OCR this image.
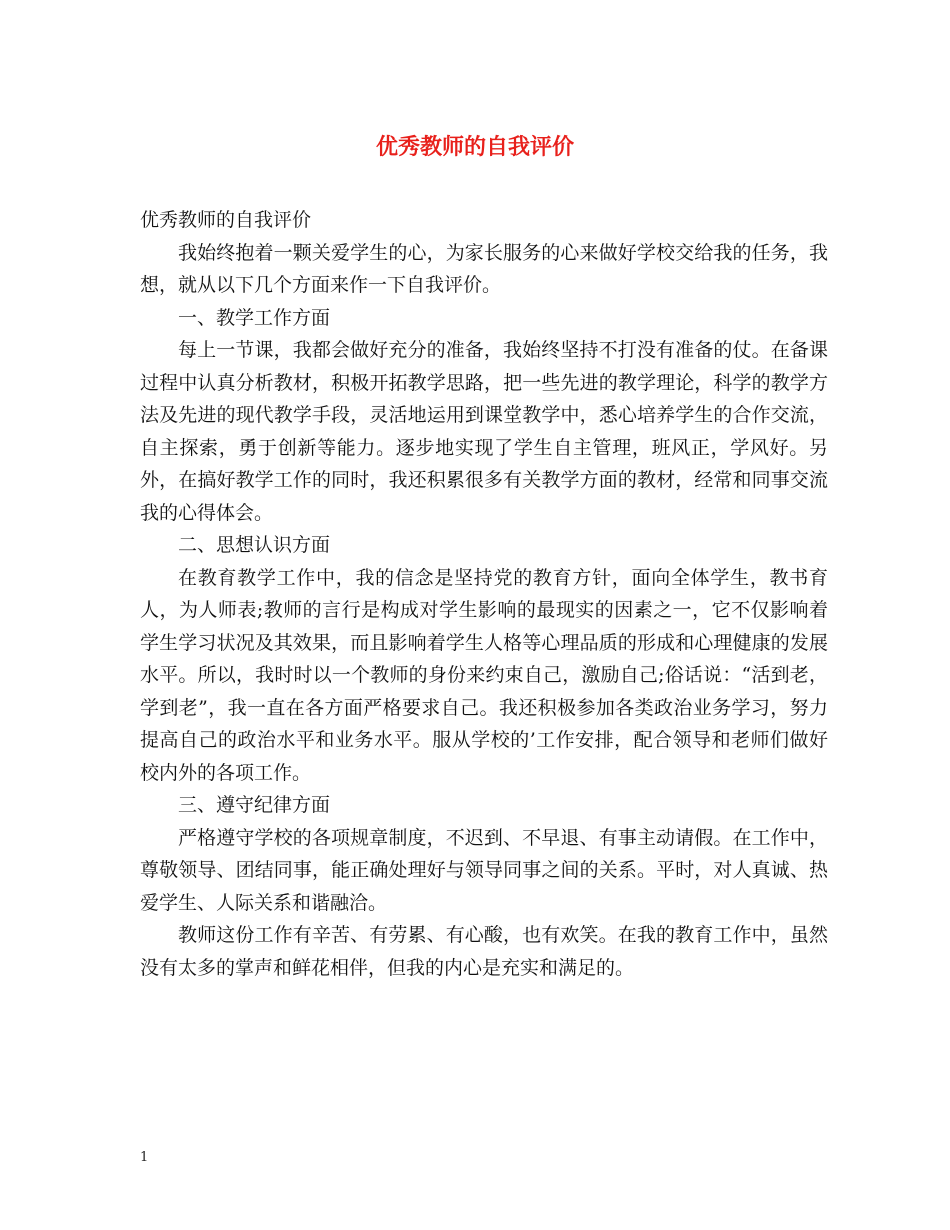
优秀教师的自我评价

优秀教师的自我评价

我始终抱着一颗关爱学生的心，为家长服务的心来做好学校交给我的任务，我想，就从以下几个方面来作一下自我评价。

一、教学工作方面

每上一节课，我都会做好充分的准备，我始终坚持不打没有准备的仗。在备课过程中认真分析教材，积极开拓教学思路，把一些先进的教学理论，科学的教学方法及先进的现代教学手段，灵活地运用到课堂教学中，悉心培养学生的合作交流，自主探索，勇于创新等能力。逐步地实现了学生自主管理，班风正，学风好。另外，在搞好教学工作的同时，我还积累很多有关教学方面的教材，经常和同事交流我的心得体会。

二、思想认识方面

在教育教学工作中，我的信念是坚持党的教育方针，面向全体学生，教书育人，为人师表;教师的言行是构成对学生影响的最现实的因素之一，它不仅影响着学生学习状况及其效果，而且影响着学生人格等心理品质的形成和心理健康的发展水平。所以，我时时以一个教师的身份来约束自己，激励自己;俗话说：“活到老，学到老”，我一直在各方面严格要求自己。我还积极参加各类政治业务学习，努力提高自己的政治水平和业务水平。服从学校的’工作安排，配合领导和老师们做好校内外的各项工作。

三、遵守纪律方面

严格遵守学校的各项规章制度，不迟到、不早退、有事主动请假。在工作中，尊敬领导、团结同事，能正确处理好与领导同事之间的关系。平时，对人真诚、热爱学生、人际关系和谐融洽。

教师这份工作有辛苦、有劳累、有心酸，也有欢笑。在我的教育工作中，虽然没有太多的掌声和鲜花相伴，但我的内心是充实和满足的。

1
